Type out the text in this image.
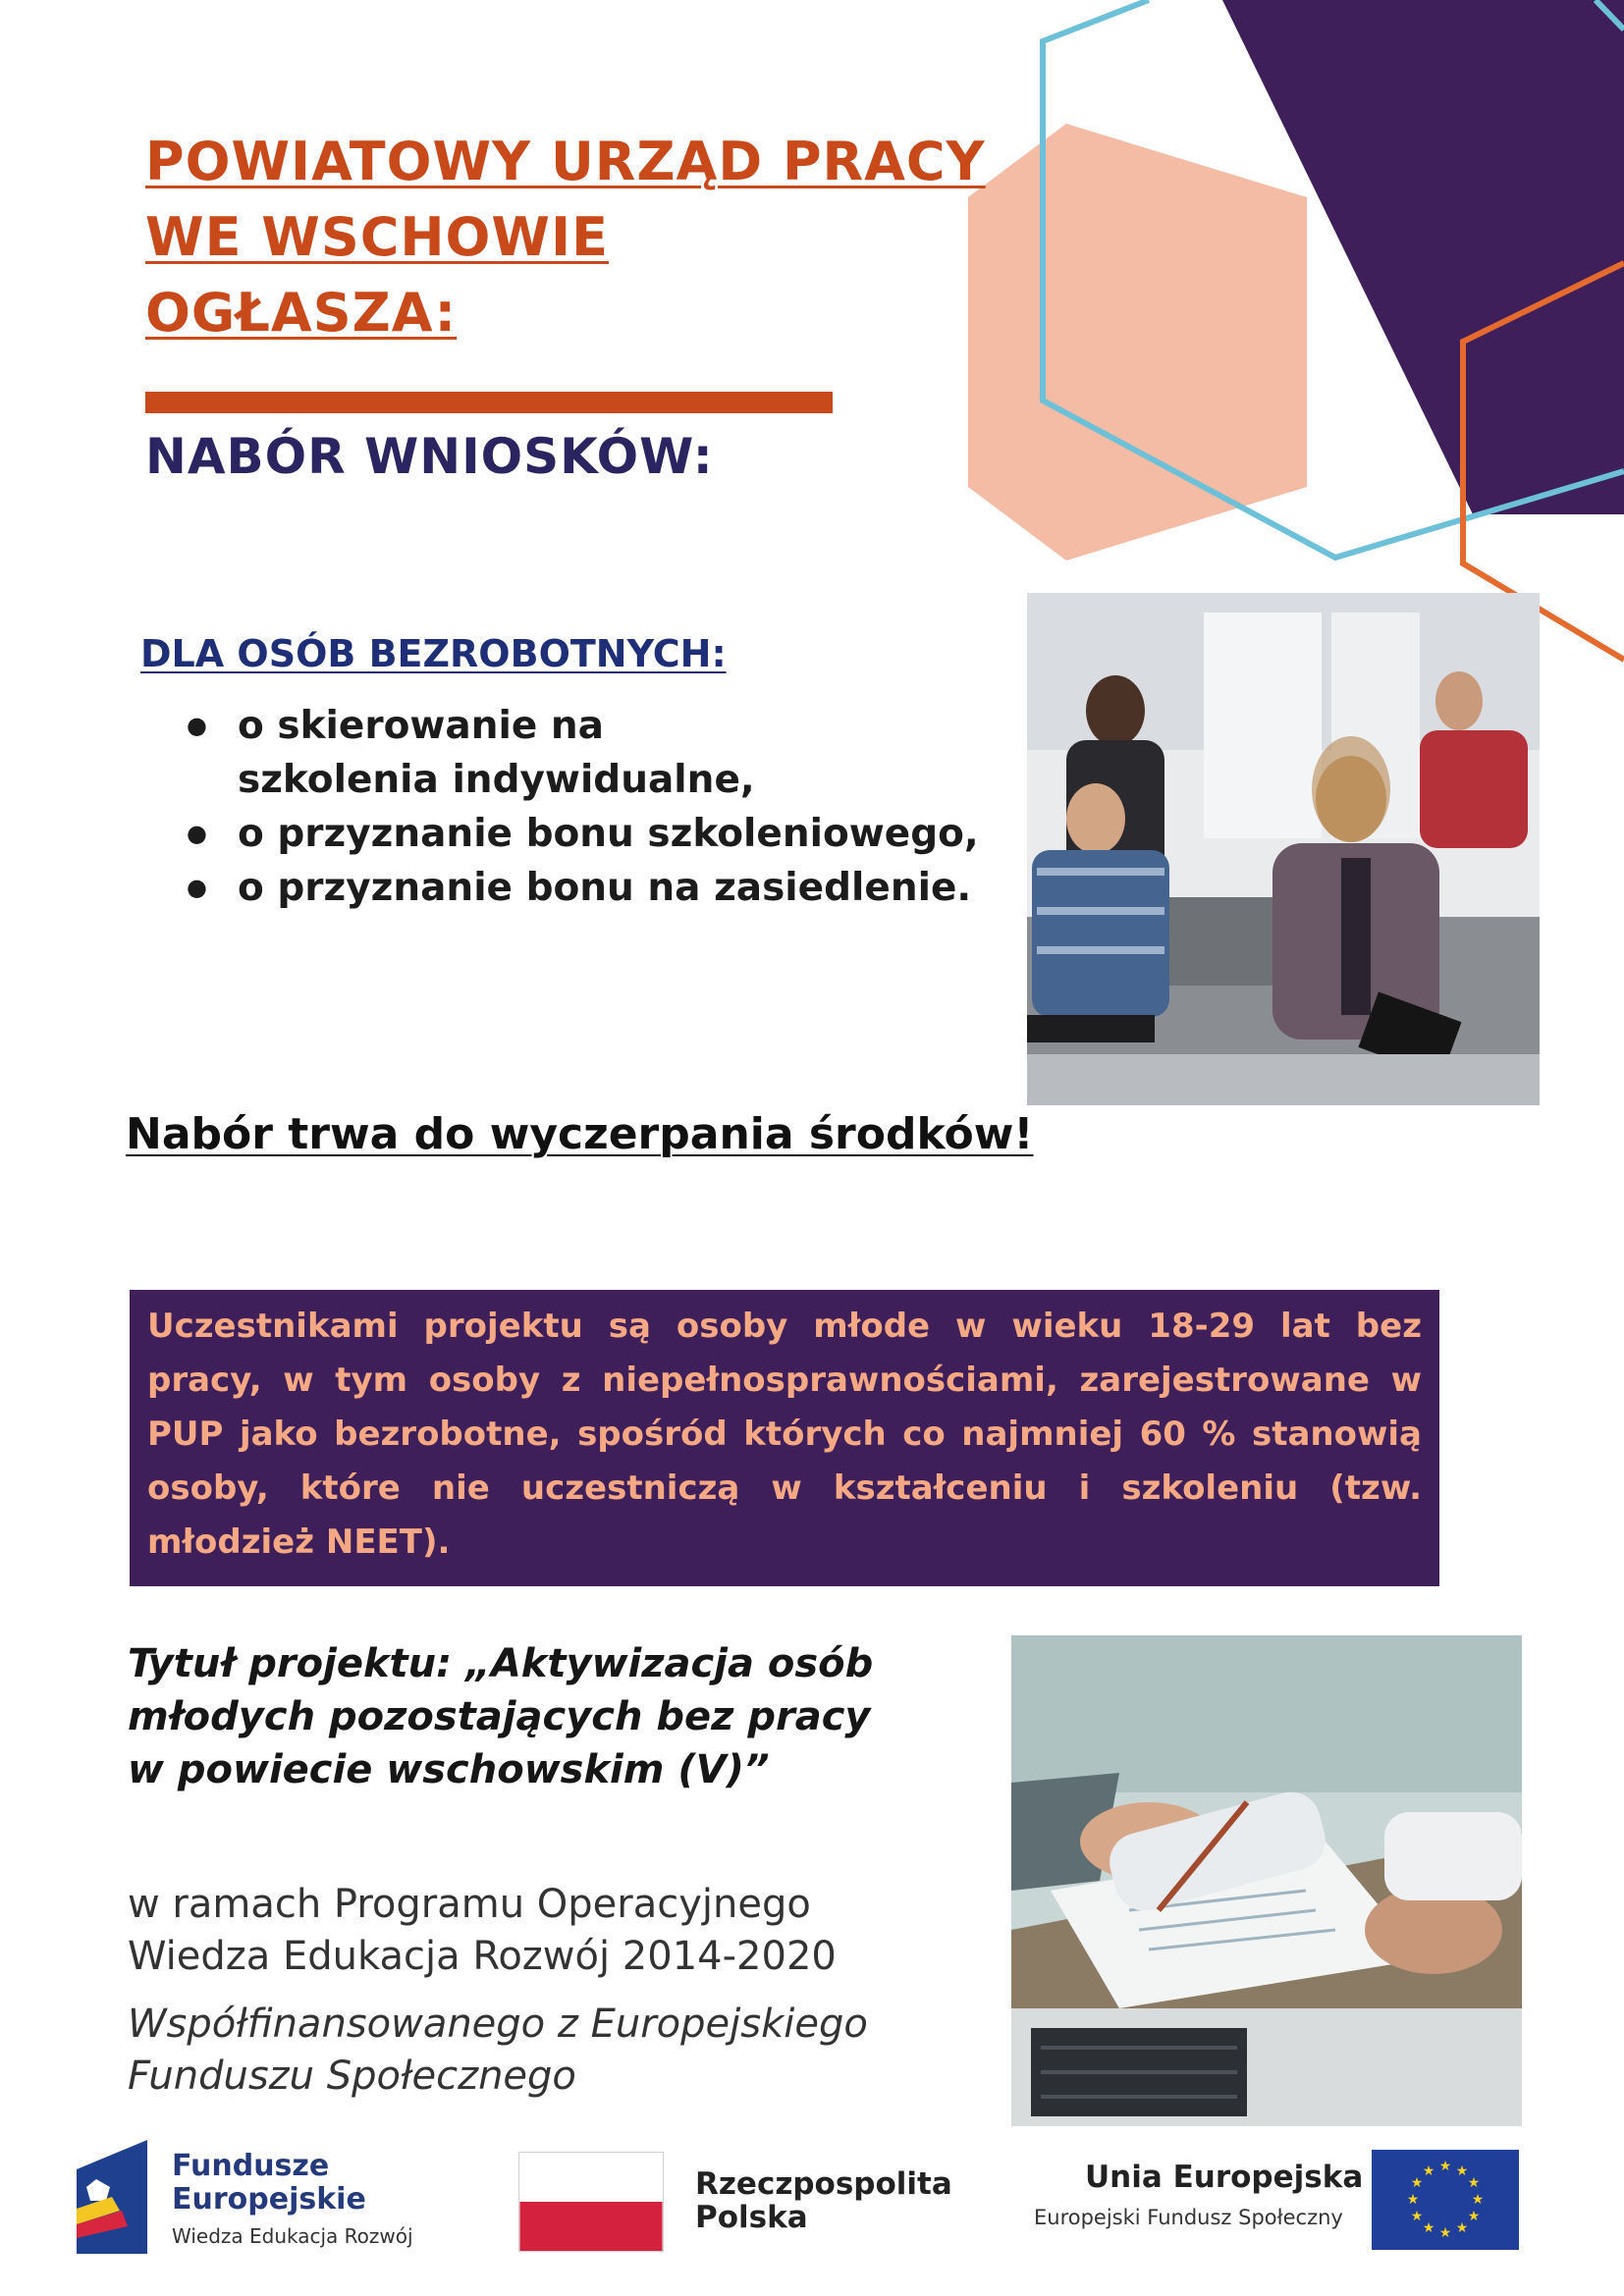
POWIATOWY URZĄD PRACY
WE WSCHOWIE
OGŁASZA:
NABÓR WNIOSKÓW:
DLA OSÓB BEZROBOTNYCH:
● o skierowanie na szkolenia indywidualne,
● o przyznanie bonu szkoleniowego,
● o przyznanie bonu na zasiedlenie.
Nabór trwa do wyczerpania środków!

Uczestnikami projektu są osoby młode w wieku 18-29 lat bez pracy, w tym osoby z niepełnosprawnościami, zarejestrowane w PUP jako bezrobotne, spośród których co najmniej 60 % stanowią osoby, które nie uczestniczą w kształceniu i szkoleniu (tzw. młodzież NEET).

Tytuł projektu: „Aktywizacja osób
młodych pozostających bez pracy
w powiecie wschowskim (V)”
w ramach Programu Operacyjnego
Wiedza Edukacja Rozwój 2014-2020
Współfinansowanego z Europejskiego
Funduszu Społecznego
Fundusze
Europejskie
Wiedza Edukacja Rozwój
Rzeczpospolita
Polska
Unia Europejska
Europejski Fundusz Społeczny
★ ★
★
★
★
★
★
★
★
★
★
★
